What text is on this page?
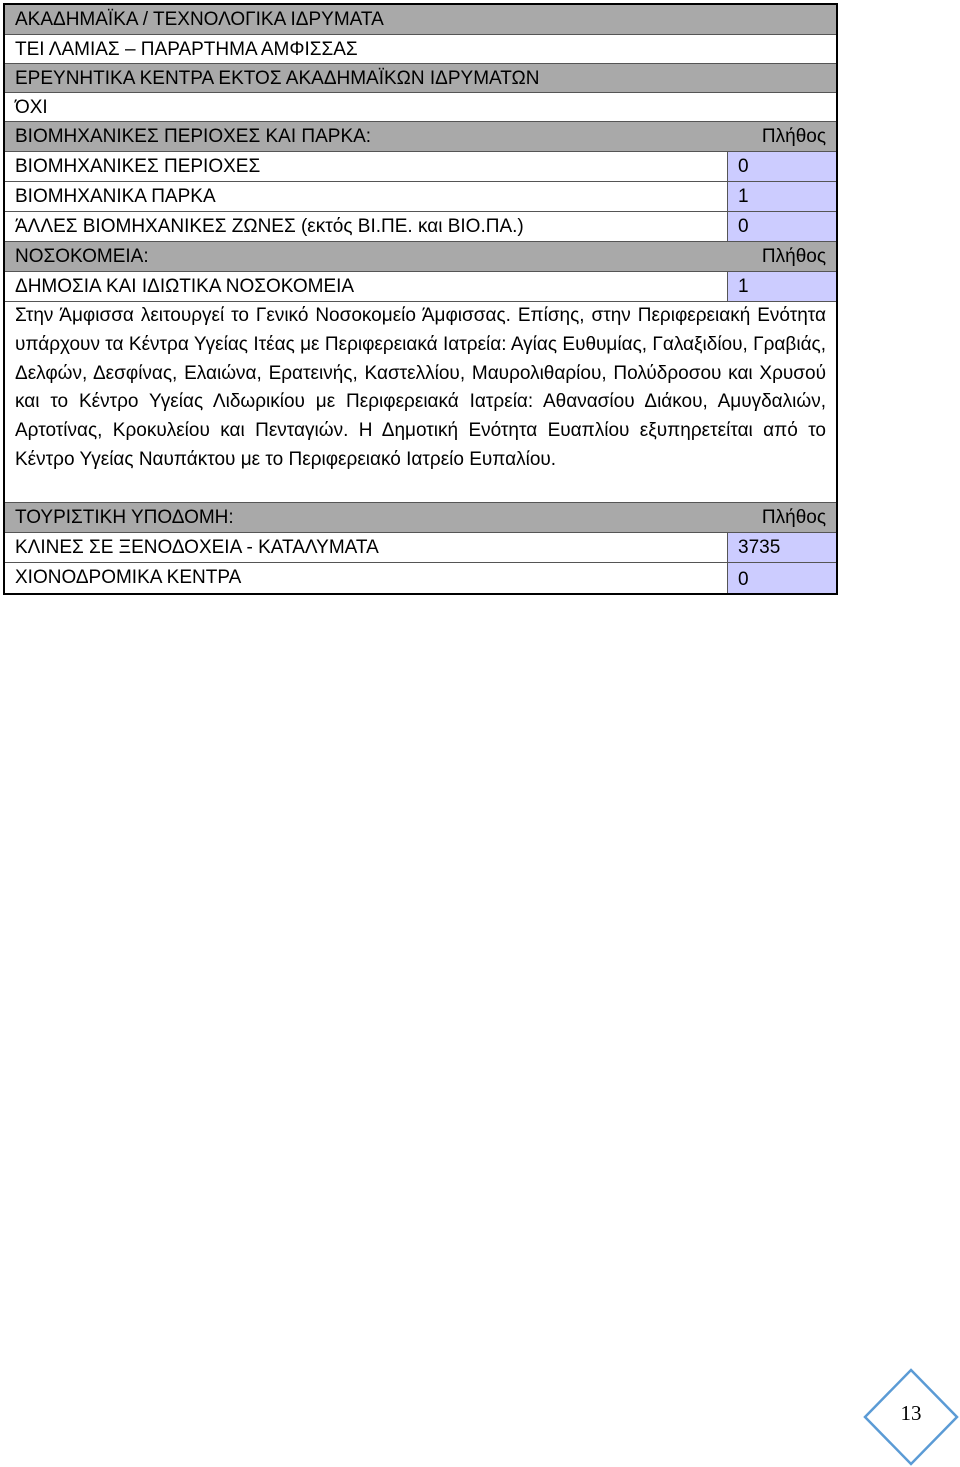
ΑΚΑΔΗΜΑΪΚΑ / ΤΕΧΝΟΛΟΓΙΚΑ ΙΔΡΥΜΑΤΑ
ΤΕΙ ΛΑΜΙΑΣ – ΠΑΡΑΡΤΗΜΑ ΑΜΦΙΣΣΑΣ
ΕΡΕΥΝΗΤΙΚΑ ΚΕΝΤΡΑ ΕΚΤΟΣ ΑΚΑΔΗΜΑΪΚΩΝ ΙΔΡΥΜΑΤΩΝ
ΌΧΙ
ΒΙΟΜΗΧΑΝΙΚΕΣ ΠΕΡΙΟΧΕΣ ΚΑΙ ΠΑΡΚΑ:	Πλήθος
ΒΙΟΜΗΧΑΝΙΚΕΣ ΠΕΡΙΟΧΕΣ	0
ΒΙΟΜΗΧΑΝΙΚΑ ΠΑΡΚΑ	1
ΆΛΛΕΣ ΒΙΟΜΗΧΑΝΙΚΕΣ ΖΩΝΕΣ (εκτός ΒΙ.ΠΕ. και ΒΙΟ.ΠΑ.)	0
ΝΟΣΟΚΟΜΕΙΑ:	Πλήθος
ΔΗΜΟΣΙΑ ΚΑΙ ΙΔΙΩΤΙΚΑ ΝΟΣΟΚΟΜΕΙΑ	1
Στην Άμφισσα λειτουργεί το Γενικό Νοσοκομείο Άμφισσας. Επίσης, στην Περιφερειακή Ενότητα υπάρχουν τα Κέντρα Υγείας Ιτέας με Περιφερειακά Ιατρεία: Αγίας Ευθυμίας, Γαλαξιδίου, Γραβιάς, Δελφών, Δεσφίνας, Ελαιώνα, Ερατεινής, Καστελλίου, Μαυρολιθαρίου, Πολύδροσου και Χρυσού και το Κέντρο Υγείας Λιδωρικίου με Περιφερειακά Ιατρεία: Αθανασίου Διάκου, Αμυγδαλιών, Αρτοτίνας, Κροκυλείου και Πενταγιών. Η Δημοτική Ενότητα Ευαπλίου εξυπηρετείται από το Κέντρο Υγείας Ναυπάκτου με το Περιφερειακό Ιατρείο Ευπαλίου.
ΤΟΥΡΙΣΤΙΚΗ ΥΠΟΔΟΜΗ:	Πλήθος
ΚΛΙΝΕΣ ΣΕ ΞΕΝΟΔΟΧΕΙΑ - ΚΑΤΑΛΥΜΑΤΑ	3735
ΧΙΟΝΟΔΡΟΜΙΚΑ ΚΕΝΤΡΑ	0
13
